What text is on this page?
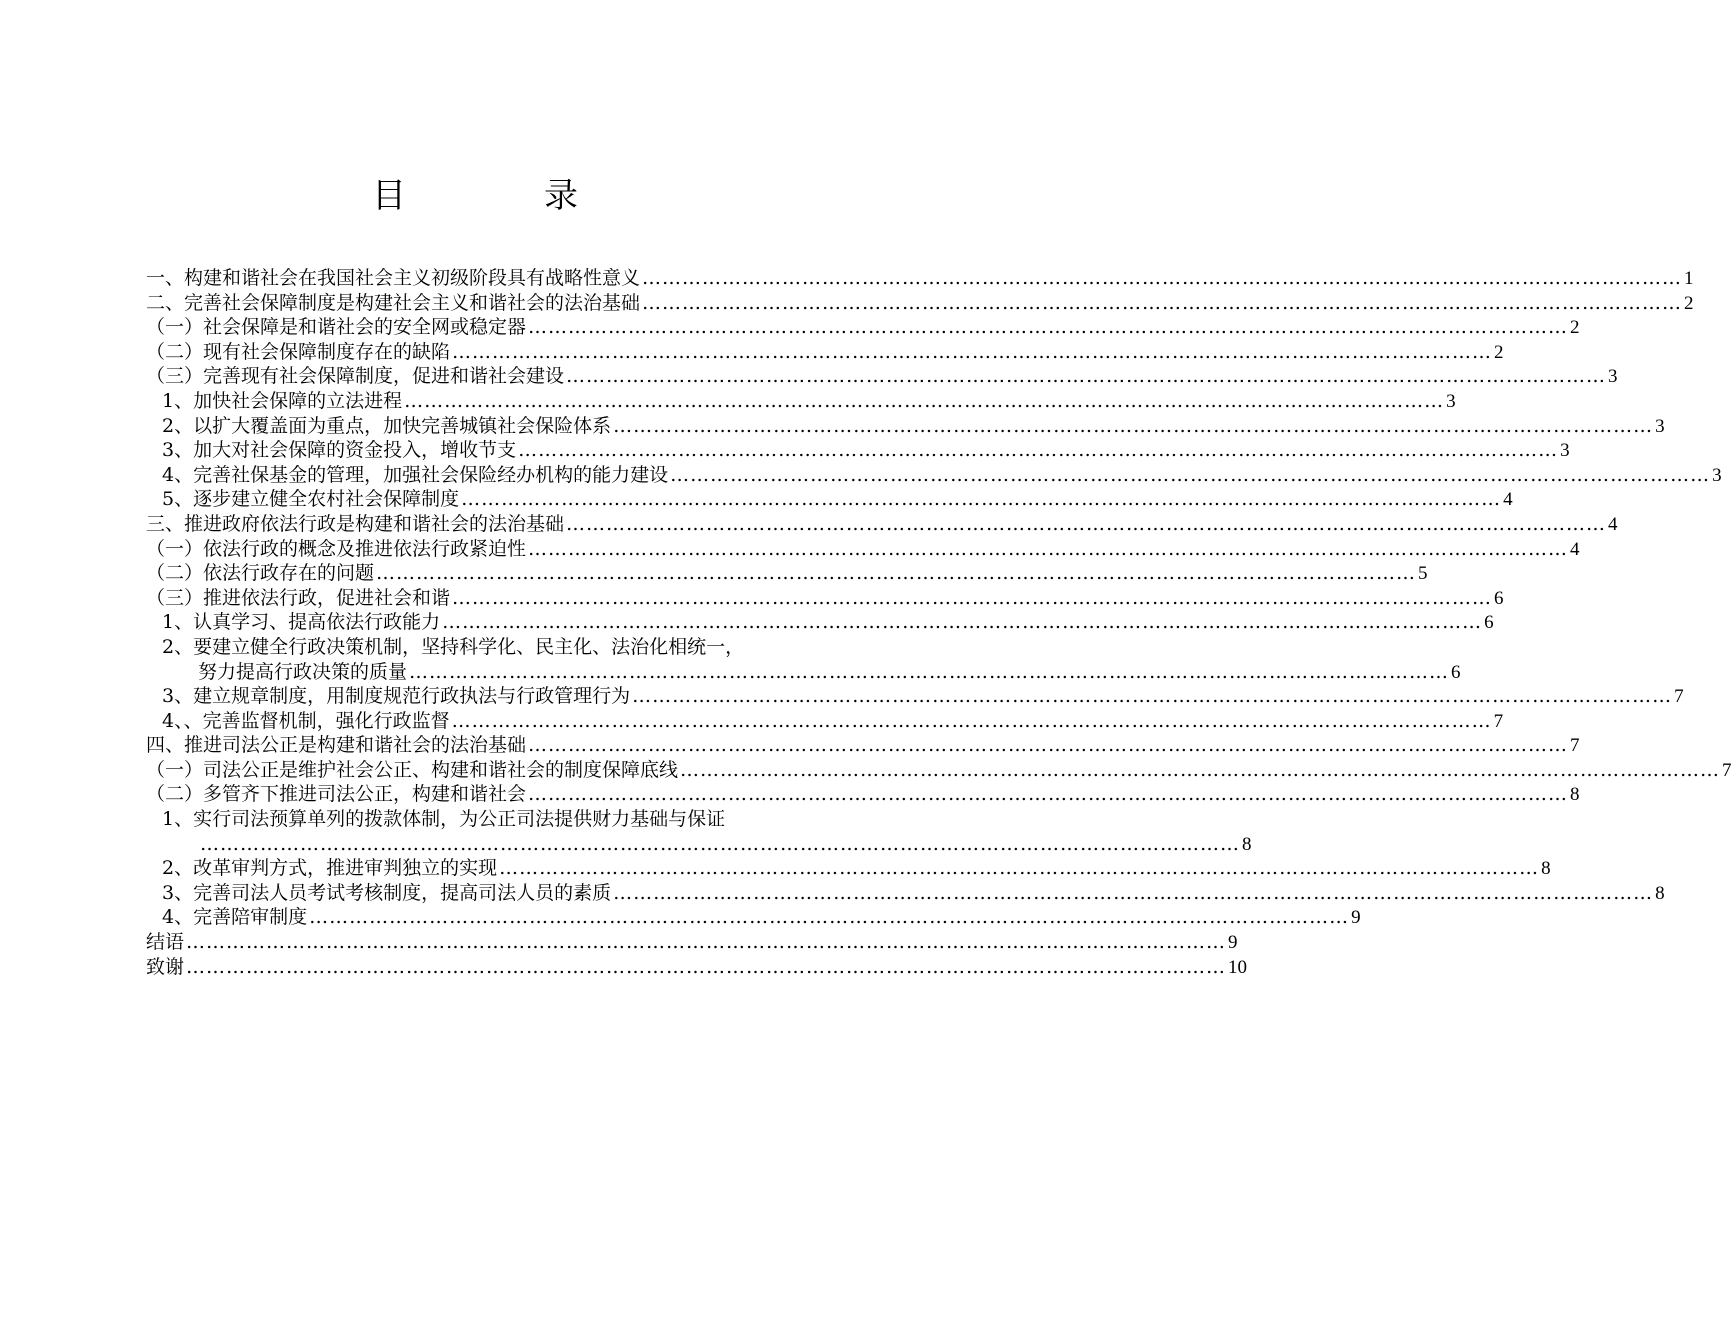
目　录
一、构建和谐社会在我国社会主义初级阶段具有战略性意义 ………………………………………………………………………………………………………………………………………… 1
二、完善社会保障制度是构建社会主义和谐社会的法治基础 ………………………………………………………………………………………………………………………………………… 2
（一）社会保障是和谐社会的安全网或稳定器 ………………………………………………………………………………………………………………………………………… 2
（二）现有社会保障制度存在的缺陷 ………………………………………………………………………………………………………………………………………… 2
（三）完善现有社会保障制度，促进和谐社会建设 ………………………………………………………………………………………………………………………………………… 3
1、加快社会保障的立法进程 ………………………………………………………………………………………………………………………………………… 3
2、以扩大覆盖面为重点，加快完善城镇社会保险体系 ………………………………………………………………………………………………………………………………………… 3
3、加大对社会保障的资金投入，增收节支 ………………………………………………………………………………………………………………………………………… 3
4、完善社保基金的管理，加强社会保险经办机构的能力建设 ………………………………………………………………………………………………………………………………………… 3
5、逐步建立健全农村社会保障制度 ………………………………………………………………………………………………………………………………………… 4
三、推进政府依法行政是构建和谐社会的法治基础 ………………………………………………………………………………………………………………………………………… 4
（一）依法行政的概念及推进依法行政紧迫性 ………………………………………………………………………………………………………………………………………… 4
（二）依法行政存在的问题 ………………………………………………………………………………………………………………………………………… 5
（三）推进依法行政，促进社会和谐 ………………………………………………………………………………………………………………………………………… 6
1、认真学习、提高依法行政能力 ………………………………………………………………………………………………………………………………………… 6
2、要建立健全行政决策机制，坚持科学化、民主化、法治化相统一，
努力提高行政决策的质量 ………………………………………………………………………………………………………………………………………… 6
3、建立规章制度，用制度规范行政执法与行政管理行为 ………………………………………………………………………………………………………………………………………… 7
4、、完善监督机制，强化行政监督 ………………………………………………………………………………………………………………………………………… 7
四、推进司法公正是构建和谐社会的法治基础 ………………………………………………………………………………………………………………………………………… 7
（一）司法公正是维护社会公正、构建和谐社会的制度保障底线 ………………………………………………………………………………………………………………………………………… 7
（二）多管齐下推进司法公正，构建和谐社会 ………………………………………………………………………………………………………………………………………… 8
1、实行司法预算单列的拨款体制，为公正司法提供财力基础与保证
………………………………………………………………………………………………………………………………………… 8
2、改革审判方式，推进审判独立的实现 ………………………………………………………………………………………………………………………………………… 8
3、完善司法人员考试考核制度，提高司法人员的素质 ………………………………………………………………………………………………………………………………………… 8
4、完善陪审制度 ………………………………………………………………………………………………………………………………………… 9
结语 ………………………………………………………………………………………………………………………………………… 9
致谢 ………………………………………………………………………………………………………………………………………… 10
